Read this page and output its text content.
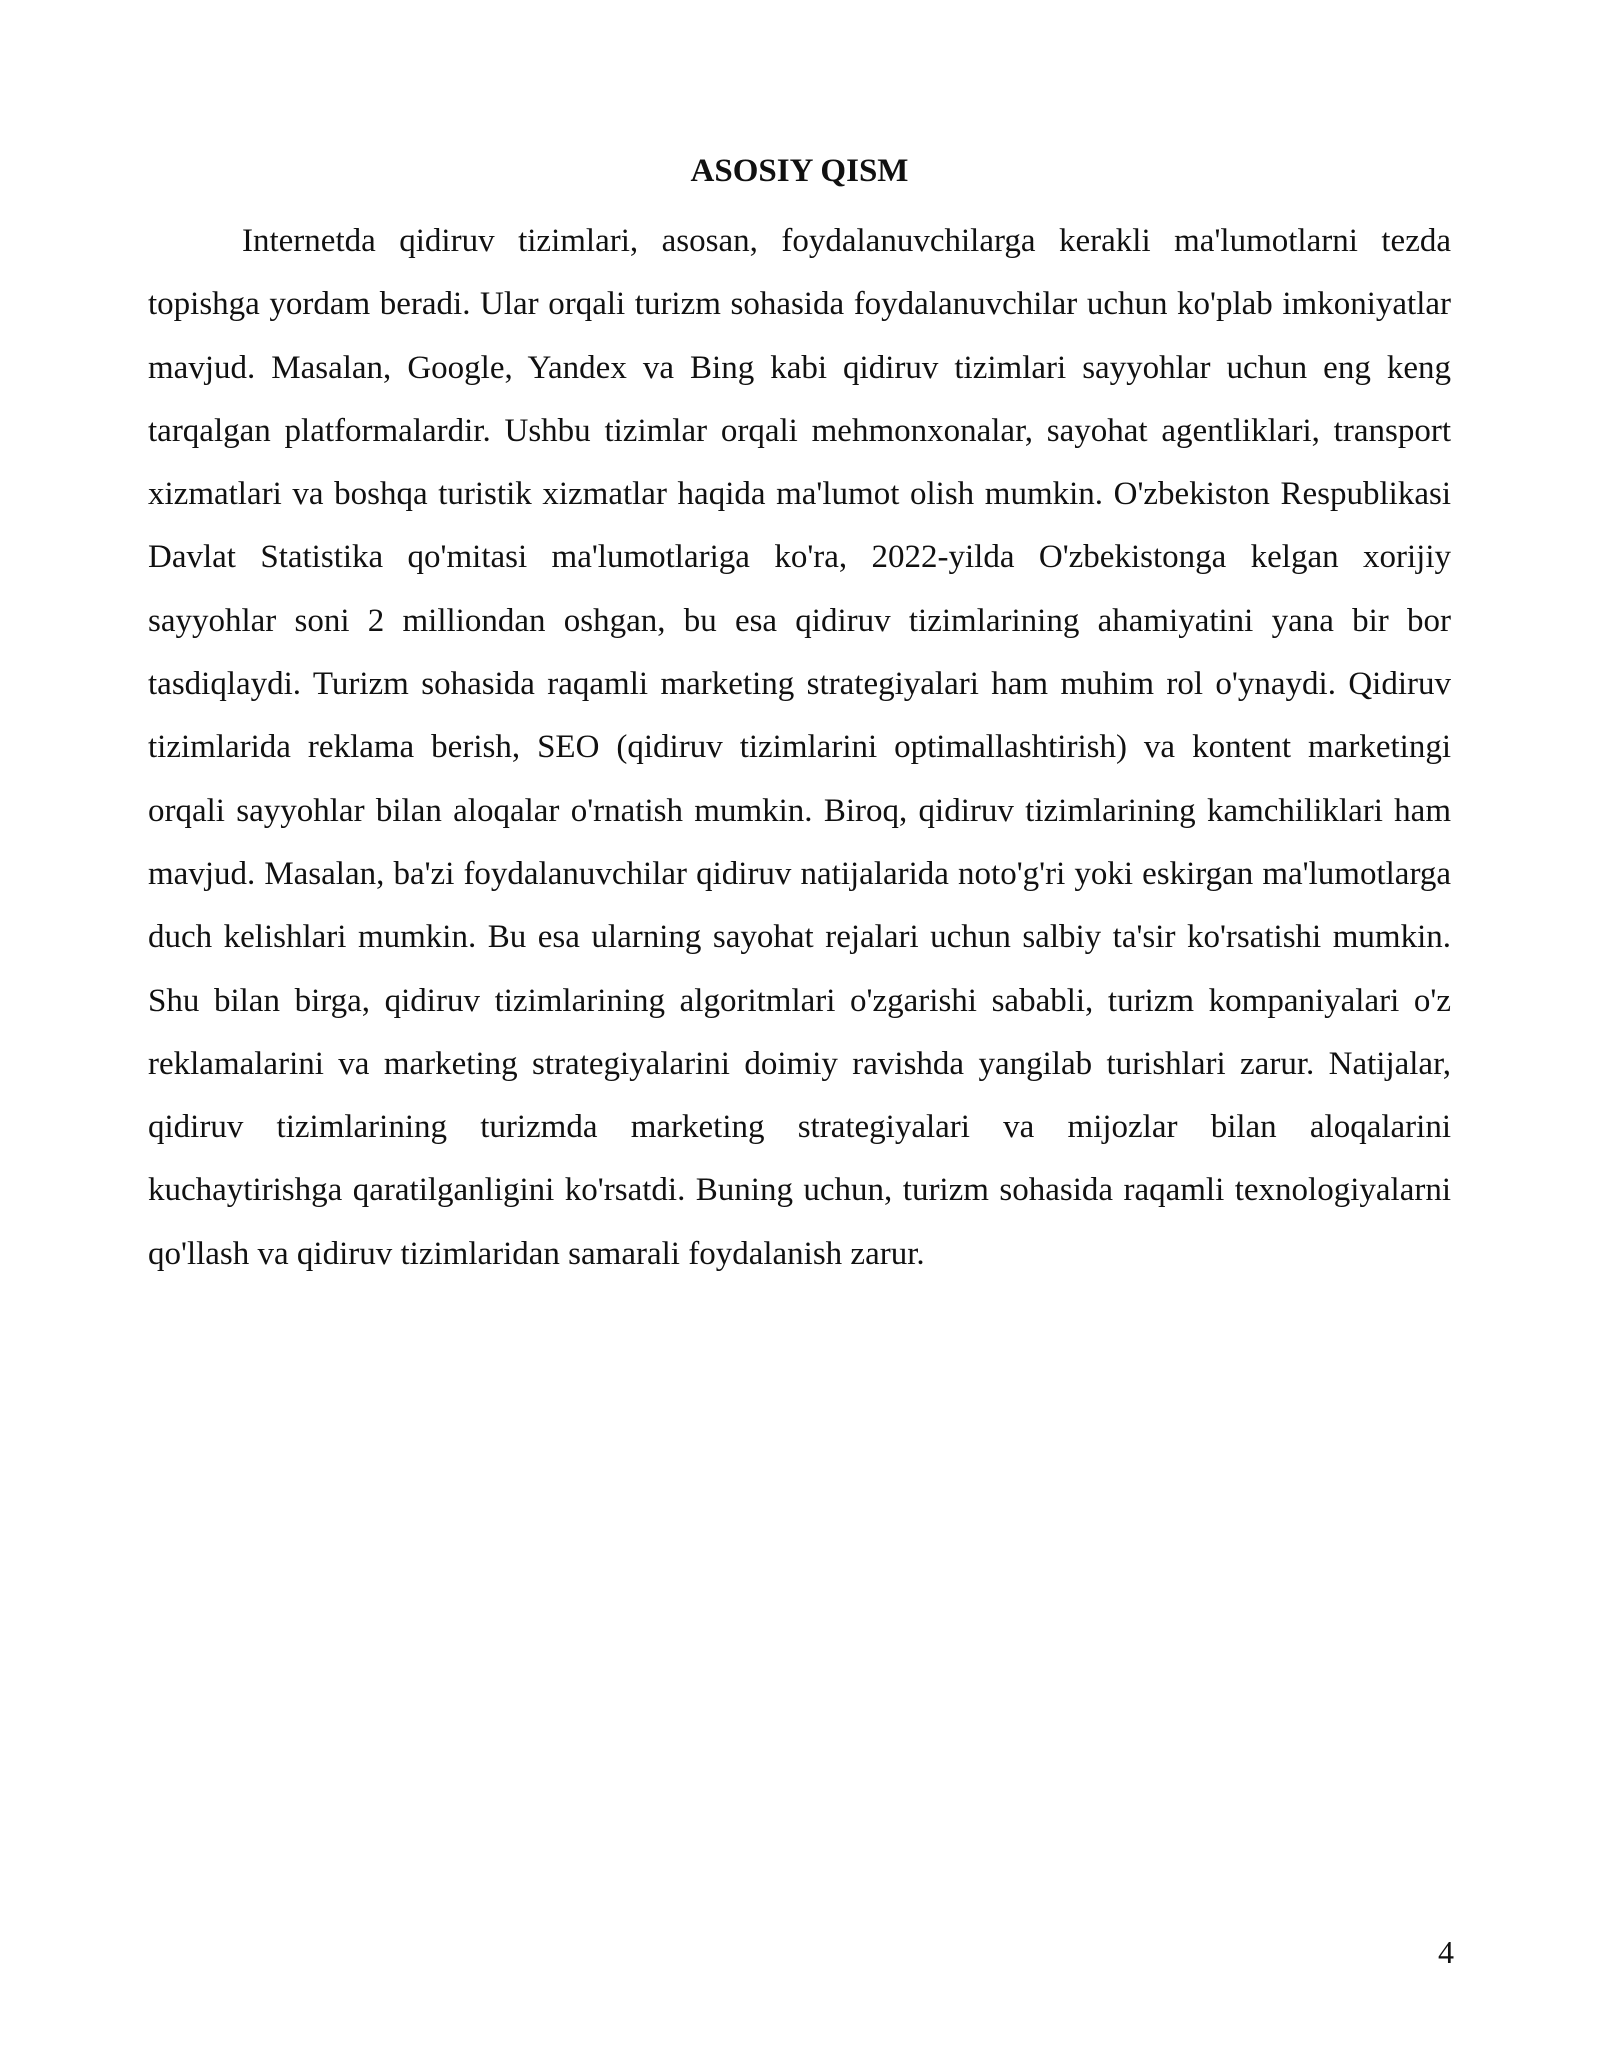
ASOSIY QISM

Internetda qidiruv tizimlari, asosan, foydalanuvchilarga kerakli ma'lumotlarni tezda topishga yordam beradi. Ular orqali turizm sohasida foydalanuvchilar uchun ko'plab imkoniyatlar mavjud. Masalan, Google, Yandex va Bing kabi qidiruv tizimlari sayyohlar uchun eng keng tarqalgan platformalardir. Ushbu tizimlar orqali mehmonxonalar, sayohat agentliklari, transport xizmatlari va boshqa turistik xizmatlar haqida ma'lumot olish mumkin. O'zbekiston Respublikasi Davlat Statistika qo'mitasi ma'lumotlariga ko'ra, 2022-yilda O'zbekistonga kelgan xorijiy sayyohlar soni 2 milliondan oshgan, bu esa qidiruv tizimlarining ahamiyatini yana bir bor tasdiqlaydi. Turizm sohasida raqamli marketing strategiyalari ham muhim rol o'ynaydi. Qidiruv tizimlarida reklama berish, SEO (qidiruv tizimlarini optimallashtirish) va kontent marketingi orqali sayyohlar bilan aloqalar o'rnatish mumkin. Biroq, qidiruv tizimlarining kamchiliklari ham mavjud. Masalan, ba'zi foydalanuvchilar qidiruv natijalarida noto'g'ri yoki eskirgan ma'lumotlarga duch kelishlari mumkin. Bu esa ularning sayohat rejalari uchun salbiy ta'sir ko'rsatishi mumkin. Shu bilan birga, qidiruv tizimlarining algoritmlari o'zgarishi sababli, turizm kompaniyalari o'z reklamalarini va marketing strategiyalarini doimiy ravishda yangilab turishlari zarur. Natijalar, qidiruv tizimlarining turizmda marketing strategiyalari va mijozlar bilan aloqalarini kuchaytirishga qaratilganligini ko'rsatdi. Buning uchun, turizm sohasida raqamli texnologiyalarni qo'llash va qidiruv tizimlaridan samarali foydalanish zarur.

4
